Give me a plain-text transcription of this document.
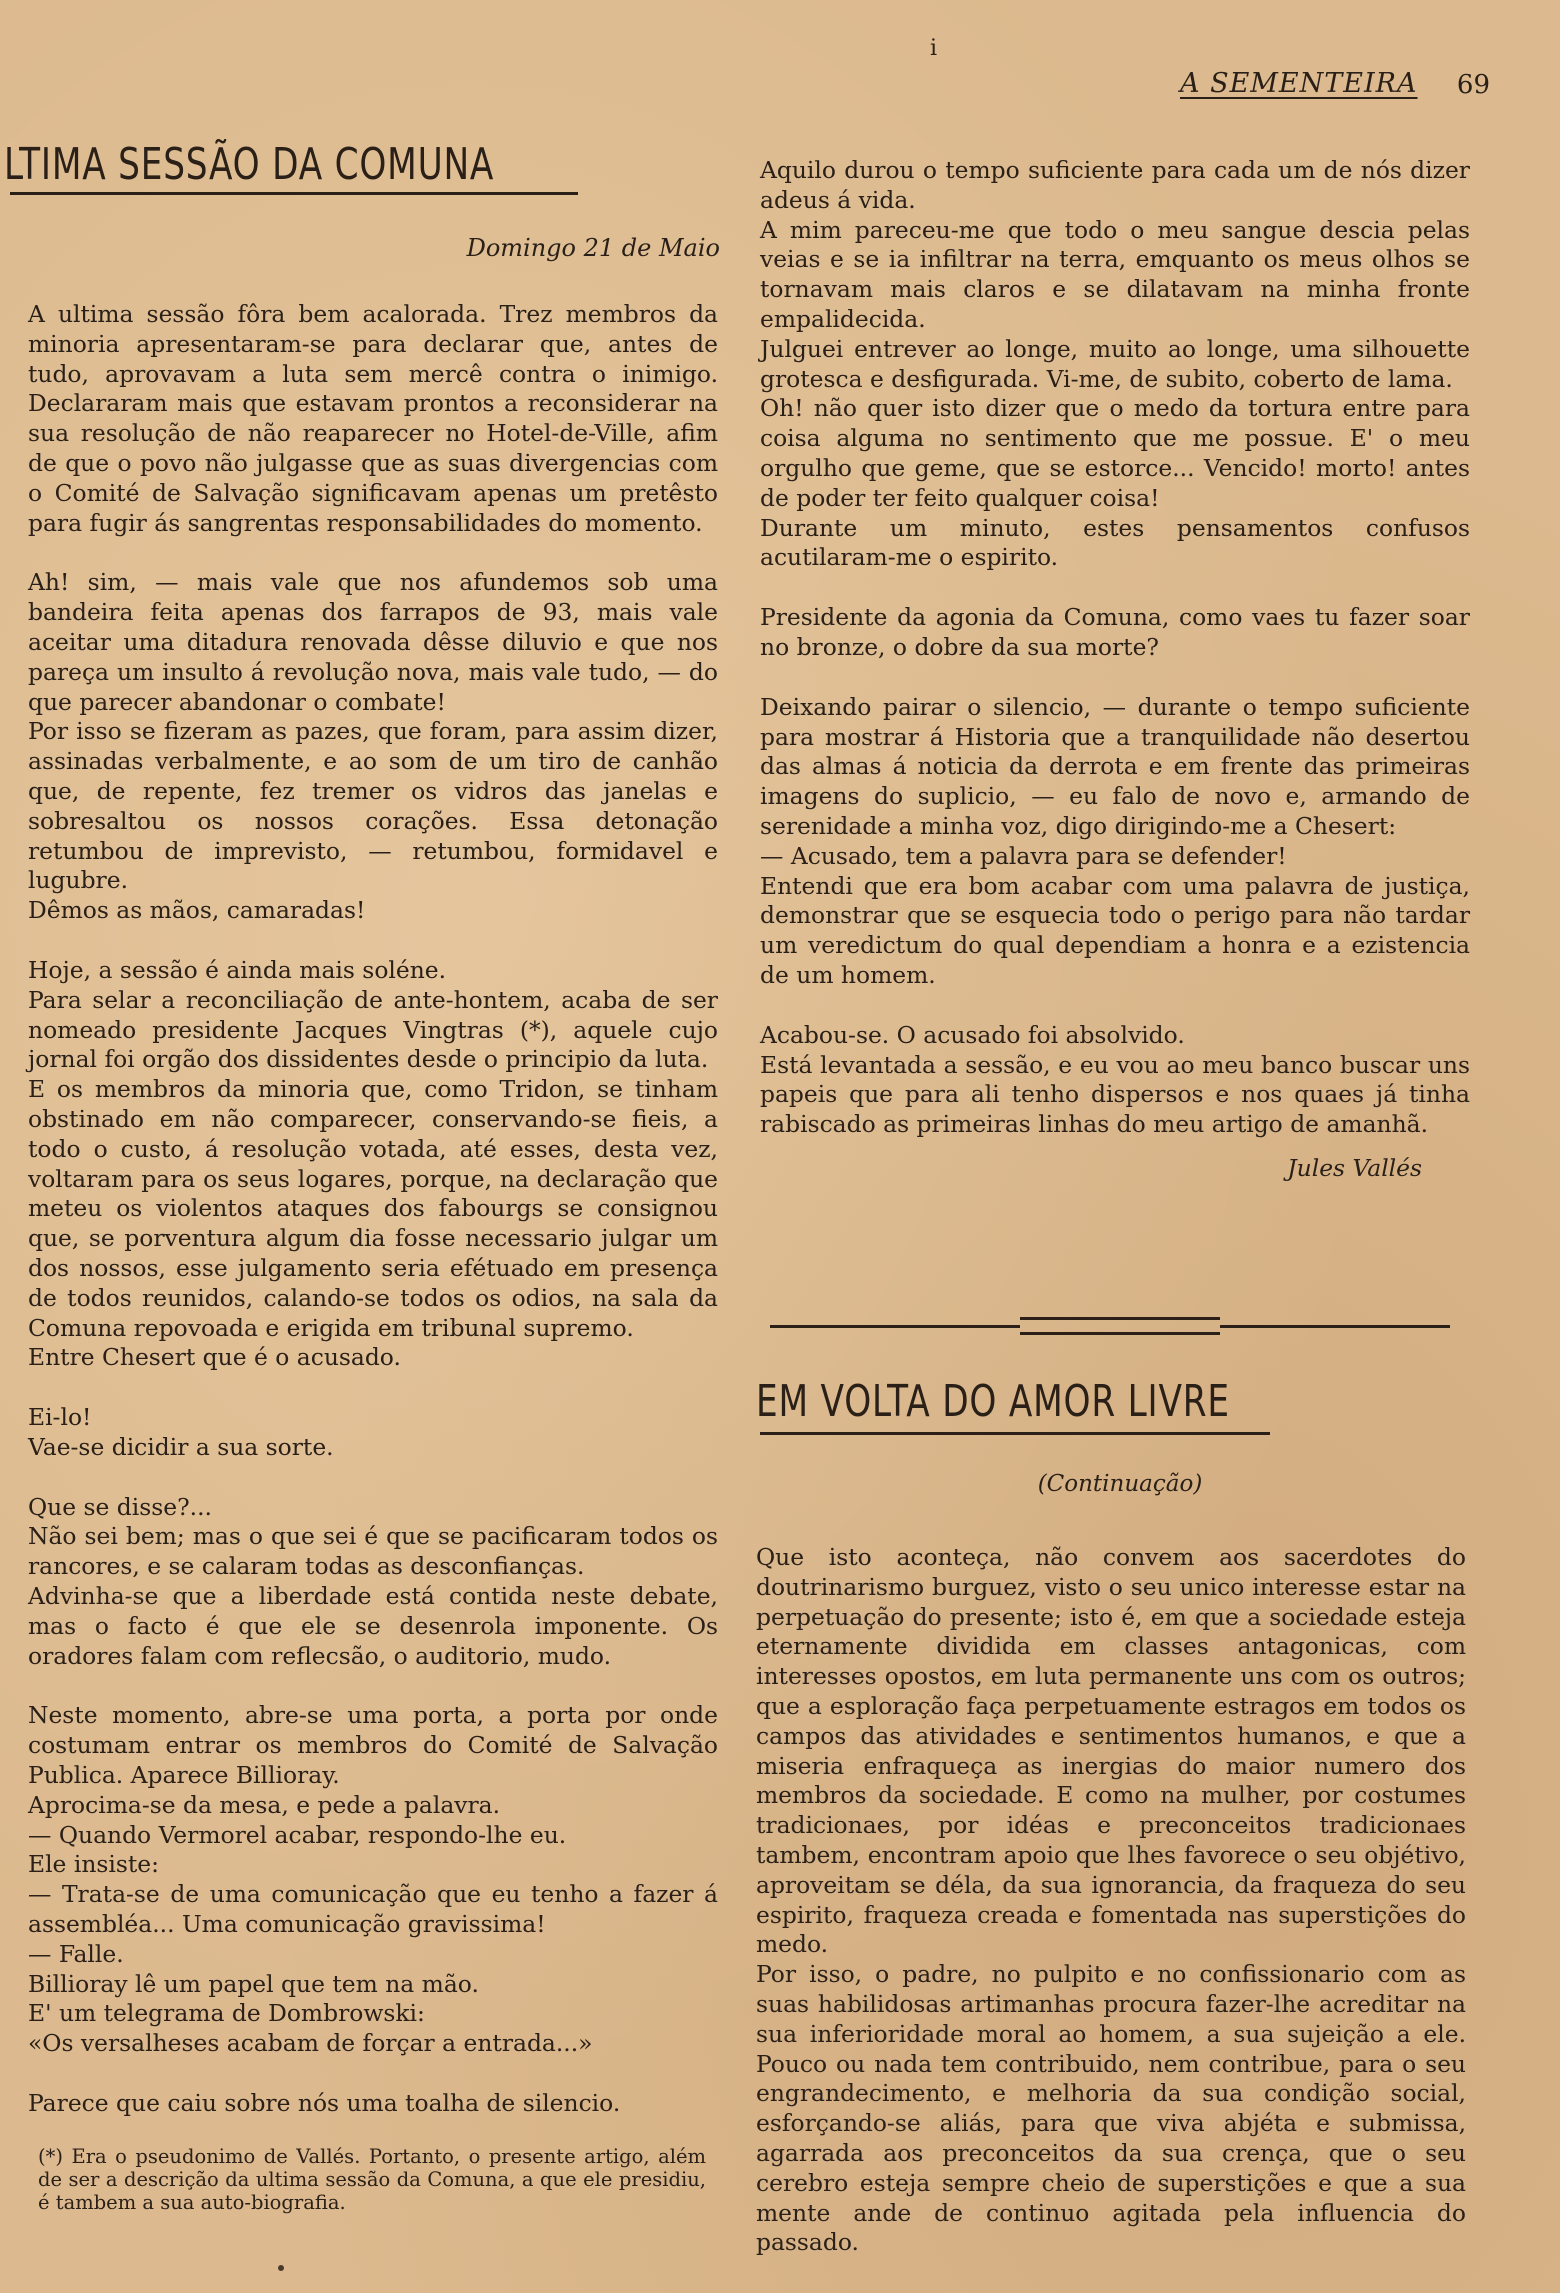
i
A SEMENTEIRA 69
LTIMA SESSÃO DA COMUNA
Domingo 21 de Maio

A ultima sessão fôra bem acalorada. Trez membros da minoria apresentaram-se para declarar que, antes de tudo, aprovavam a luta sem mercê contra o inimigo. Declararam mais que estavam prontos a reconsiderar na sua resolução de não reaparecer no Hotel-de-Ville, afim de que o povo não julgasse que as suas divergencias com o Comité de Salvação significavam apenas um pretêsto para fugir ás sangrentas responsabilidades do momento.

Ah! sim, — mais vale que nos afundemos sob uma bandeira feita apenas dos farrapos de 93, mais vale aceitar uma ditadura renovada dêsse diluvio e que nos pareça um insulto á revolução nova, mais vale tudo, — do que parecer abandonar o combate!

Por isso se fizeram as pazes, que foram, para assim dizer, assinadas verbalmente, e ao som de um tiro de canhão que, de repente, fez tremer os vidros das janelas e sobresaltou os nossos corações. Essa detonação retumbou de imprevisto, — retumbou, formidavel e lugubre.

Dêmos as mãos, camaradas!

Hoje, a sessão é ainda mais soléne.

Para selar a reconciliação de ante-hontem, acaba de ser nomeado presidente Jacques Vingtras (*), aquele cujo jornal foi orgão dos dissidentes desde o principio da luta.

E os membros da minoria que, como Tridon, se tinham obstinado em não comparecer, conservando-se fieis, a todo o custo, á resolução votada, até esses, desta vez, voltaram para os seus logares, porque, na declaração que meteu os violentos ataques dos fabourgs se consignou que, se porventura algum dia fosse necessario julgar um dos nossos, esse julgamento seria efétuado em presença de todos reunidos, calando-se todos os odios, na sala da Comuna repovoada e erigida em tribunal supremo.

Entre Chesert que é o acusado.

Ei-lo!

Vae-se dicidir a sua sorte.

Que se disse?...

Não sei bem; mas o que sei é que se pacificaram todos os rancores, e se calaram todas as desconfianças.

Advinha-se que a liberdade está contida neste debate, mas o facto é que ele se desenrola imponente. Os oradores falam com reflecsão, o auditorio, mudo.

Neste momento, abre-se uma porta, a porta por onde costumam entrar os membros do Comité de Salvação Publica. Aparece Billioray.

Aprocima-se da mesa, e pede a palavra.

— Quando Vermorel acabar, respondo-lhe eu.

Ele insiste:

— Trata-se de uma comunicação que eu tenho a fazer á assembléa... Uma comunicação gravissima!

— Falle.

Billioray lê um papel que tem na mão.

E' um telegrama de Dombrowski:

«Os versalheses acabam de forçar a entrada...»

Parece que caiu sobre nós uma toalha de silencio.

(*) Era o pseudonimo de Vallés. Portanto, o presente artigo, além de ser a descrição da ultima sessão da Comuna, a que ele presidiu, é tambem a sua auto-biografia.

Aquilo durou o tempo suficiente para cada um de nós dizer adeus á vida.

A mim pareceu-me que todo o meu sangue descia pelas veias e se ia infiltrar na terra, emquanto os meus olhos se tornavam mais claros e se dilatavam na minha fronte empalidecida.

Julguei entrever ao longe, muito ao longe, uma silhouette grotesca e desfigurada. Vi-me, de subito, coberto de lama.

Oh! não quer isto dizer que o medo da tortura entre para coisa alguma no sentimento que me possue. E' o meu orgulho que geme, que se estorce... Vencido! morto! antes de poder ter feito qualquer coisa!

Durante um minuto, estes pensamentos confusos acutilaram-me o espirito.

Presidente da agonia da Comuna, como vaes tu fazer soar no bronze, o dobre da sua morte?

Deixando pairar o silencio, — durante o tempo suficiente para mostrar á Historia que a tranquilidade não desertou das almas á noticia da derrota e em frente das primeiras imagens do suplicio, — eu falo de novo e, armando de serenidade a minha voz, digo dirigindo-me a Chesert:

— Acusado, tem a palavra para se defender!

Entendi que era bom acabar com uma palavra de justiça, demonstrar que se esquecia todo o perigo para não tardar um veredictum do qual dependiam a honra e a ezistencia de um homem.

Acabou-se. O acusado foi absolvido.

Está levantada a sessão, e eu vou ao meu banco buscar uns papeis que para ali tenho dispersos e nos quaes já tinha rabiscado as primeiras linhas do meu artigo de amanhã.

Jules Vallés

EM VOLTA DO AMOR LIVRE
(Continuação)

Que isto aconteça, não convem aos sacerdotes do doutrinarismo burguez, visto o seu unico interesse estar na perpetuação do presente; isto é, em que a sociedade esteja eternamente dividida em classes antagonicas, com interesses opostos, em luta permanente uns com os outros; que a esploração faça perpetuamente estragos em todos os campos das atividades e sentimentos humanos, e que a miseria enfraqueça as inergias do maior numero dos membros da sociedade. E como na mulher, por costumes tradicionaes, por idéas e preconceitos tradicionaes tambem, encontram apoio que lhes favorece o seu objétivo, aproveitam se déla, da sua ignorancia, da fraqueza do seu espirito, fraqueza creada e fomentada nas superstições do medo.

Por isso, o padre, no pulpito e no confissionario com as suas habilidosas artimanhas procura fazer-lhe acreditar na sua inferioridade moral ao homem, a sua sujeição a ele. Pouco ou nada tem contribuido, nem contribue, para o seu engrandecimento, e melhoria da sua condição social, esforçando-se aliás, para que viva abjéta e submissa, agarrada aos preconceitos da sua crença, que o seu cerebro esteja sempre cheio de superstições e que a sua mente ande de continuo agitada pela influencia do passado.
